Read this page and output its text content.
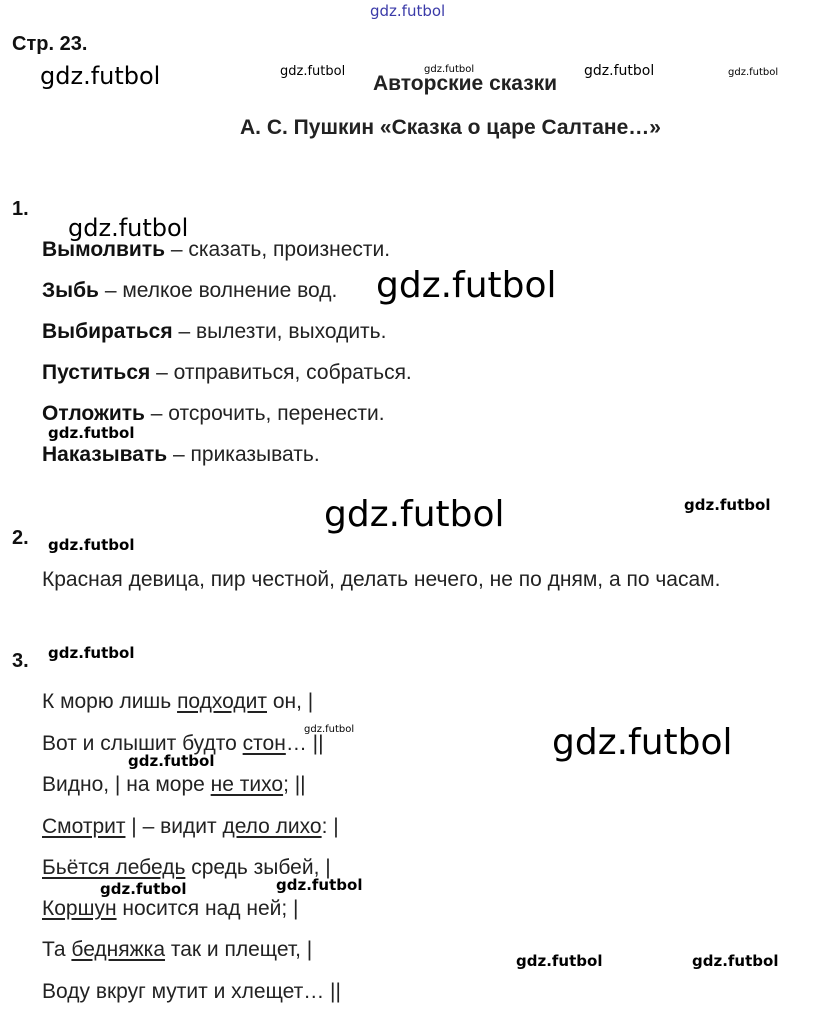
gdz.futbol
gdz.futbol	gdz.futbol	gdz.futbol	gdz.futbol	gdz.futbol
gdz.futbol
gdz.futbol
gdz.futbol
gdz.futbol	gdz.futbol
gdz.futbol
gdz.futbol
gdz.futbol	gdz.futbol
gdz.futbol
gdz.futbol
gdz.futbol
gdz.futbol	gdz.futbol
Стр. 23.
Авторские сказки
А. С. Пушкин «Сказка о царе Салтане…»
1.
Вымолвить – сказать, произнести.
Зыбь – мелкое волнение вод.
Выбираться – вылезти, выходить.
Пуститься – отправиться, собраться.
Отложить – отсрочить, перенести.
Наказывать – приказывать.
2.
Красная девица, пир честной, делать нечего, не по дням, а по часам.
3.
К морю лишь подходит он, |
Вот и слышит будто стон… ||
Видно, | на море не тихо; ||
Смотрит | – видит дело лихо: |
Бьётся лебедь средь зыбей, |
Коршун носится над ней; |
Та бедняжка так и плещет, |
Воду вкруг мутит и хлещет… ||
